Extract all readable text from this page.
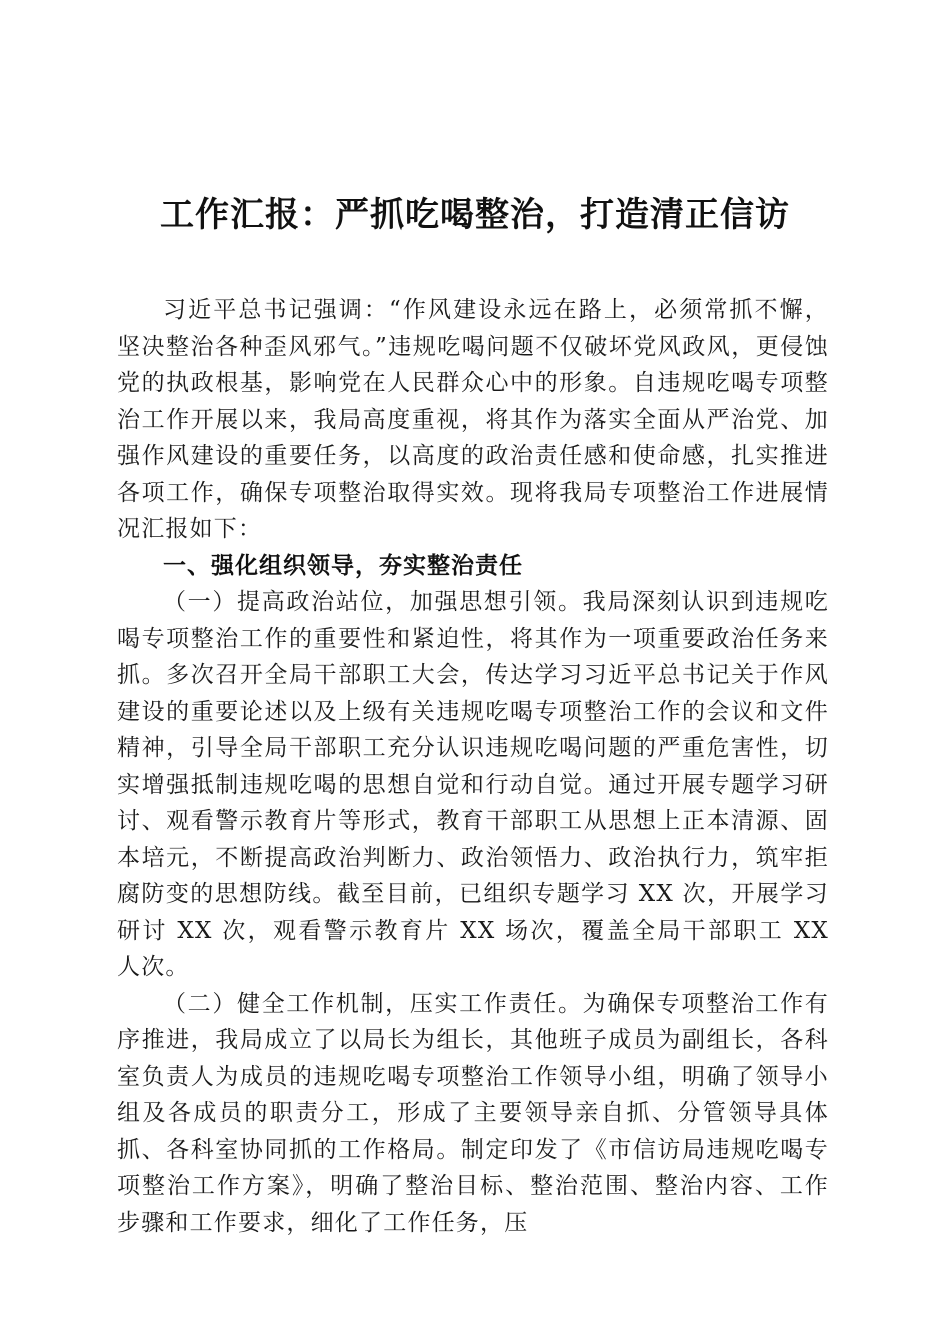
工作汇报：严抓吃喝整治，打造清正信访

习近平总书记强调：“作风建设永远在路上，必须常抓不懈，坚决整治各种歪风邪气。”违规吃喝问题不仅破坏党风政风，更侵蚀党的执政根基，影响党在人民群众心中的形象。自违规吃喝专项整治工作开展以来，我局高度重视，将其作为落实全面从严治党、加强作风建设的重要任务，以高度的政治责任感和使命感，扎实推进各项工作，确保专项整治取得实效。现将我局专项整治工作进展情况汇报如下：

一、强化组织领导，夯实整治责任

（一）提高政治站位，加强思想引领。我局深刻认识到违规吃喝专项整治工作的重要性和紧迫性，将其作为一项重要政治任务来抓。多次召开全局干部职工大会，传达学习习近平总书记关于作风建设的重要论述以及上级有关违规吃喝专项整治工作的会议和文件精神，引导全局干部职工充分认识违规吃喝问题的严重危害性，切实增强抵制违规吃喝的思想自觉和行动自觉。通过开展专题学习研讨、观看警示教育片等形式，教育干部职工从思想上正本清源、固本培元，不断提高政治判断力、政治领悟力、政治执行力，筑牢拒腐防变的思想防线。截至目前，已组织专题学习 XX 次，开展学习研讨 XX 次，观看警示教育片 XX 场次，覆盖全局干部职工 XX 人次。

（二）健全工作机制，压实工作责任。为确保专项整治工作有序推进，我局成立了以局长为组长，其他班子成员为副组长，各科室负责人为成员的违规吃喝专项整治工作领导小组，明确了领导小组及各成员的职责分工，形成了主要领导亲自抓、分管领导具体抓、各科室协同抓的工作格局。制定印发了《市信访局违规吃喝专项整治工作方案》，明确了整治目标、整治范围、整治内容、工作步骤和工作要求，细化了工作任务，压
